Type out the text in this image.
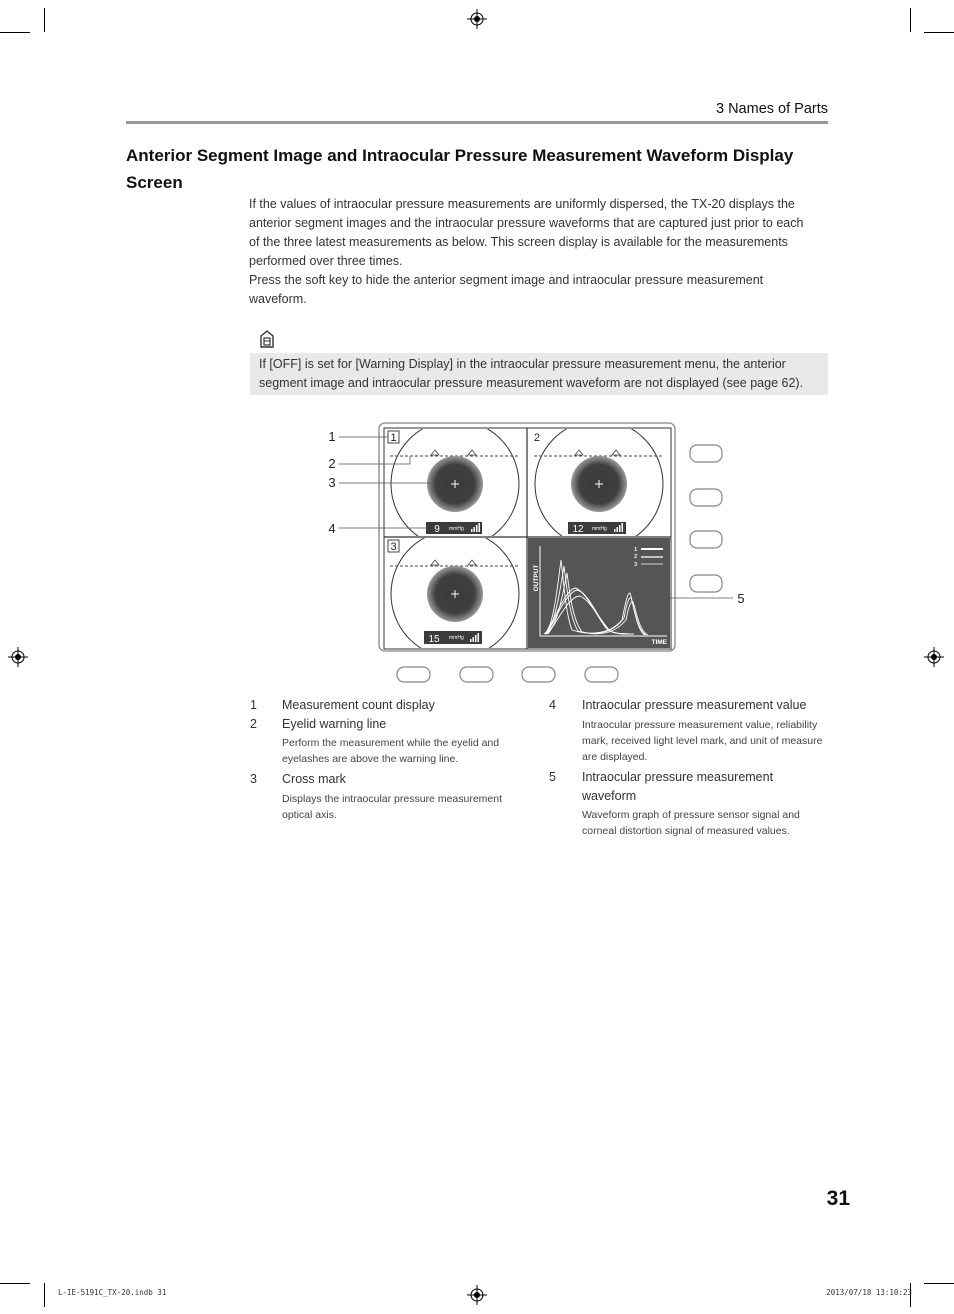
3 Names of Parts
Anterior Segment Image and Intraocular Pressure Measurement Waveform Display Screen
If the values of intraocular pressure measurements are uniformly dispersed, the TX-20 displays the
anterior segment images and the intraocular pressure waveforms that are captured just prior to each
of the three latest measurements as below. This screen display is available for the measurements
performed over three times.
Press the soft key to hide the anterior segment image and intraocular pressure measurement
waveform.
If [OFF] is set for [Warning Display] in the intraocular pressure measurement menu, the anterior
segment image and intraocular pressure measurement waveform are not displayed (see page 62).
1	2
3
9 mmHg	12 mmHg
15 mmHg
OUTPUT
TIME
1
2
3
1
2
3
4
5
1 Measurement count display
2 Eyelid warning line
Perform the measurement while the eyelid and
eyelashes are above the warning line.
3 Cross mark
Displays the intraocular pressure measurement
optical axis.
4 Intraocular pressure measurement value
Intraocular pressure measurement value, reliability
mark, received light level mark, and unit of measure
are displayed.
5 Intraocular pressure measurement
waveform
Waveform graph of pressure sensor signal and
corneal distortion signal of measured values.
31
L-IE-5191C_TX-20.indb 31	2013/07/18 13:10:23
